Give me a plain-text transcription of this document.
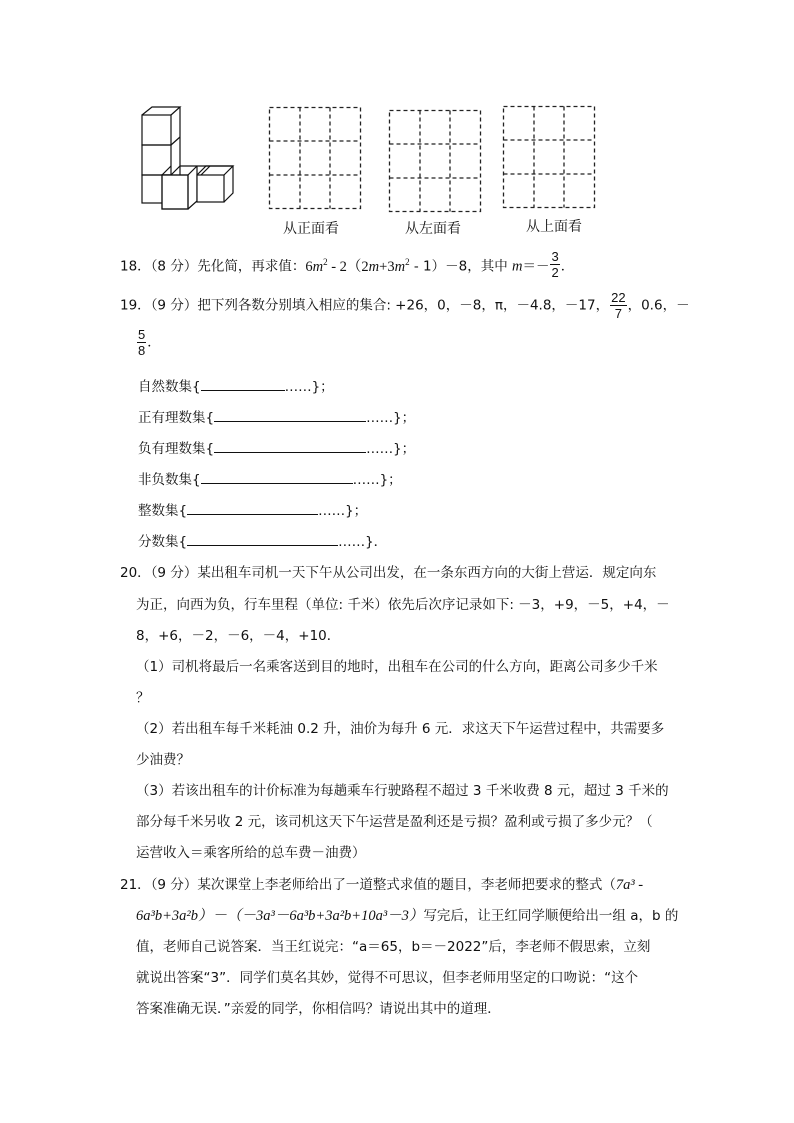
从正面看	从左面看	从上面看
18．（8 分）先化简，再求值：$6m^2 - 2(2m+3m^2 - 1)-8$，其中 $m=- \frac{3}{2}$ ．
19．（9 分）把下列各数分别填入相应的集合: +26，0，－8，π，－4.8，－17， $\frac{22}{7}$ ，0.6，－
$\frac{5}{8}$ ．
自然数集{	……}；
正有理数集{	……}；
负有理数集{	……}；
非负数集{	……}；
整数集{	……}；
分数集{	……}．
20．（9 分）某出租车司机一天下午从公司出发，在一条东西方向的大街上营运．规定向东
为正，向西为负，行车里程（单位: 千米）依先后次序记录如下: －3，+9，－5，+4，－
8，+6，－2，－6，－4，+10．
（1）司机将最后一名乘客送到目的地时，出租车在公司的什么方向，距离公司多少千米
？
（2）若出租车每千米耗油 0.2 升，油价为每升 6 元．求这天下午运营过程中，共需要多
少油费？
（3）若该出租车的计价标准为每趟乘车行驶路程不超过 3 千米收费 8 元，超过 3 千米的
部分每千米另收 2 元，该司机这天下午运营是盈利还是亏损？盈利或亏损了多少元？（
运营收入＝乘客所给的总车费－油费）
21．（9 分）某次课堂上李老师给出了一道整式求值的题目，李老师把要求的整式（7a³ -
6a³b+3a²b）－（－3a³－6a³b+3a²b+10a³－3）写完后，让王红同学顺便给出一组 a，b 的
值，老师自己说答案．当王红说完：“a＝65，b＝－2022”后，李老师不假思索，立刻
就说出答案“3”．同学们莫名其妙，觉得不可思议，但李老师用坚定的口吻说：“这个
答案准确无误．”亲爱的同学，你相信吗？请说出其中的道理．
